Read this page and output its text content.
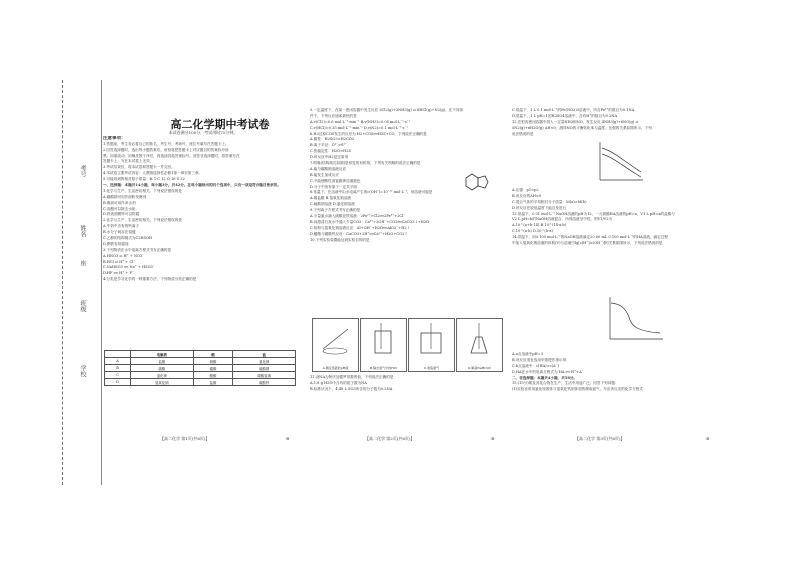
考号
姓名
座
班级
学校
高二化学期中考试卷

本试卷满分100分，考试用时75分钟。

注意事项：

1.答题前，考生务必将自己的姓名、考生号、考场号、座位号填写在答题卡上。

2.回答选择题时，选出每小题答案后，用铅笔把答题卡上对应题目的答案标号涂

黑。如需改动，用橡皮擦干净后，再选涂其他答案标号。回答非选择题时，将答案写在

答题卡上。写在本试卷上无效。

3.考试结束后，将本试卷和答题卡一并交回。

4.本试卷主要考试内容：人教版选择性必修1第一章至第三章。

5.可能用到的相对原子质量：H 1 C 12 O 16 S 32

一、选择题：本题共14小题，每小题3分，共42分。在每小题给出的四个选项中，只有一项是符合题目要求的。

1.化学与生产、生活密切相关。下列说法错误的是

A.碳酸钠可用作面粉发酵剂

B.明矾可用作净水剂

C.食醋可以除去水垢

D.铁表面镀锌可以防腐

2.化学与生产、生活密切相关。下列说法错误的是

A.牛奶中含有的钙离子

B.水分子间存在氢键

C.乙醇的结构简式为C2H5OH

D.钢铁容易腐蚀

3.下列物质在水中电离方程式书写正确的是

A.HNO3 ⇌ H⁺ + NO3⁻

B.HCl ⇌ H⁺ + Cl⁻

C.NaHSO3 ══ Na⁺ + HSO3⁻

D.HF ══ H⁺ + F⁻

4.分类是学习化学的一种重要方法，下列物质分类正确的是

	电解质	酸	盐
A	盐酸	硝酸	氯化钠
B	硫酸	碳酸	硫酸钠
C	氯化钾	醋酸	碳酸氢钠
D	氢氧化钠	盐酸	碳酸钙
【高二化学 第1页(共6页)】	·B·

5.一定温度下，在某一密闭容器中发生反应 3Cl2(g)+2NH3(g) ⇌ 6HCl(g)+N2(g)，在不同条

件下，下列反应速率最快的是

A.v(Cl2)=0.6 mol·L⁻¹·min⁻¹ B.v(NH3)=0.05 mol·L⁻¹·s⁻¹

C.v(HCl)=0.35 mol·L⁻¹·min⁻¹ D.v(N2)=0.1 mol·L⁻¹·s⁻¹

6.H2还原COS发生的反应为 H2+COS══H2S+CO，下列说法正确的是

A.酸性：H2SO3>H2CO3

B.离子半径：O²⁻>S²⁻

C.热稳定性：H2O>H2S

D.该反应中H2是还原剂

7.吲哚(结构简式如图)是常见的有机物，下列有关吲哚的说法正确的是

A.能与碳酸钠溶液反应

B.能发生加成反应

C.不能使酸性高锰酸钾溶液褪色

D.分子中所有原子一定共平面

8.常温下，在溶液中由水电离产生的c(OH⁻)=10⁻¹² mol·L⁻¹，该溶液可能是

A.稀盐酸 B.氢氧化钠溶液

C.硫酸钠溶液 D.氯化钠溶液

9.下列离子方程式书写正确的是

A.少量氯水滴入硫酸亚铁溶液：2Fe²⁺+Cl2══2Fe³⁺+2Cl⁻

B.向澄清石灰水中通入少量CO2：Ca²⁺+2OH⁻+CO2══CaCO3↓+H2O

C.铝粉与氢氧化钠溶液反应：Al+OH⁻+H2O══AlO2⁻+H2↑

D.醋酸与碳酸钙反应：CaCO3+2H⁺══Ca²⁺+H2O+CO2↑

10.下列实验装置能达到实验目的的是

A.测定溶液的pH值	B.除去氯气中的HCl	C.收集氨气	D.制备NaHCO3

11.设NA为阿伏加德罗常数的值，下列说法正确的是

A.1.8 g H2O中含有的质子数为NA

B.标准状况下，4.48 L SO3所含的分子数为0.2NA

【高二化学 第2页(共6页)】	·B·

C.常温下，1 L 0.1 mol·L⁻¹的Fe(NO3)3溶液中，所含Fe³⁺的数目为0.1NA

D.常温下，1 L pH=1的H2SO4溶液中，含有H⁺的数目为0.2NA

12.在恒容密闭容器中投入一定量NH3和NO，发生反应 4NH3(g)+6NO(g) ⇌

5N2(g)+6H2O(g) ΔH<0，测得NO的平衡转化率与温度、压强的关系如图所示，下列

说法错误的是

A.压强：p1<p2

B.该反应的ΔH<0

C.混合气体的平均相对分子质量：M(a)>M(b)

D.该反应在较低温度下能自发进行

13.常温下，0.01 mol·L⁻¹ NaOH溶液的pH为12，一元弱酸HA溶液的pH=a，V1 L pH=a的盐酸与

V2 L pH=b的NaOH溶液混合，所得溶液呈中性，则V1/V2为

A.10^(a+b-14) B.10^(14-a-b)

C.10^(a-b) D.10^(b-a)

14.常温下，用0.100 mol·L⁻¹的NaOH溶液滴定20.00 mL 0.100 mol·L⁻¹的HA溶液，滴定过程

中加入氢氧化钠溶液的体积(V)与溶液中lg[c(H⁺)/c(OH⁻)]的关系如图所示，下列说法错误的是

A.a点溶液中pH=3

B.该反应适宜选用甲基橙作指示剂

C.b点溶液中：c(HA)>c(A⁻)

D.HA在水中的电离方程式为 HA ══ H⁺+A⁻

二、非选择题：本题共4小题，共58分。

15.(15分)氮及其化合物在生产、生活中用途广泛。回答下列问题：

(1)实验室常用氯化铵固体与氢氧化钙固体加热制取氨气，写出该反应的化学方程式：

【高二化学 第3页(共6页)】	·B·
